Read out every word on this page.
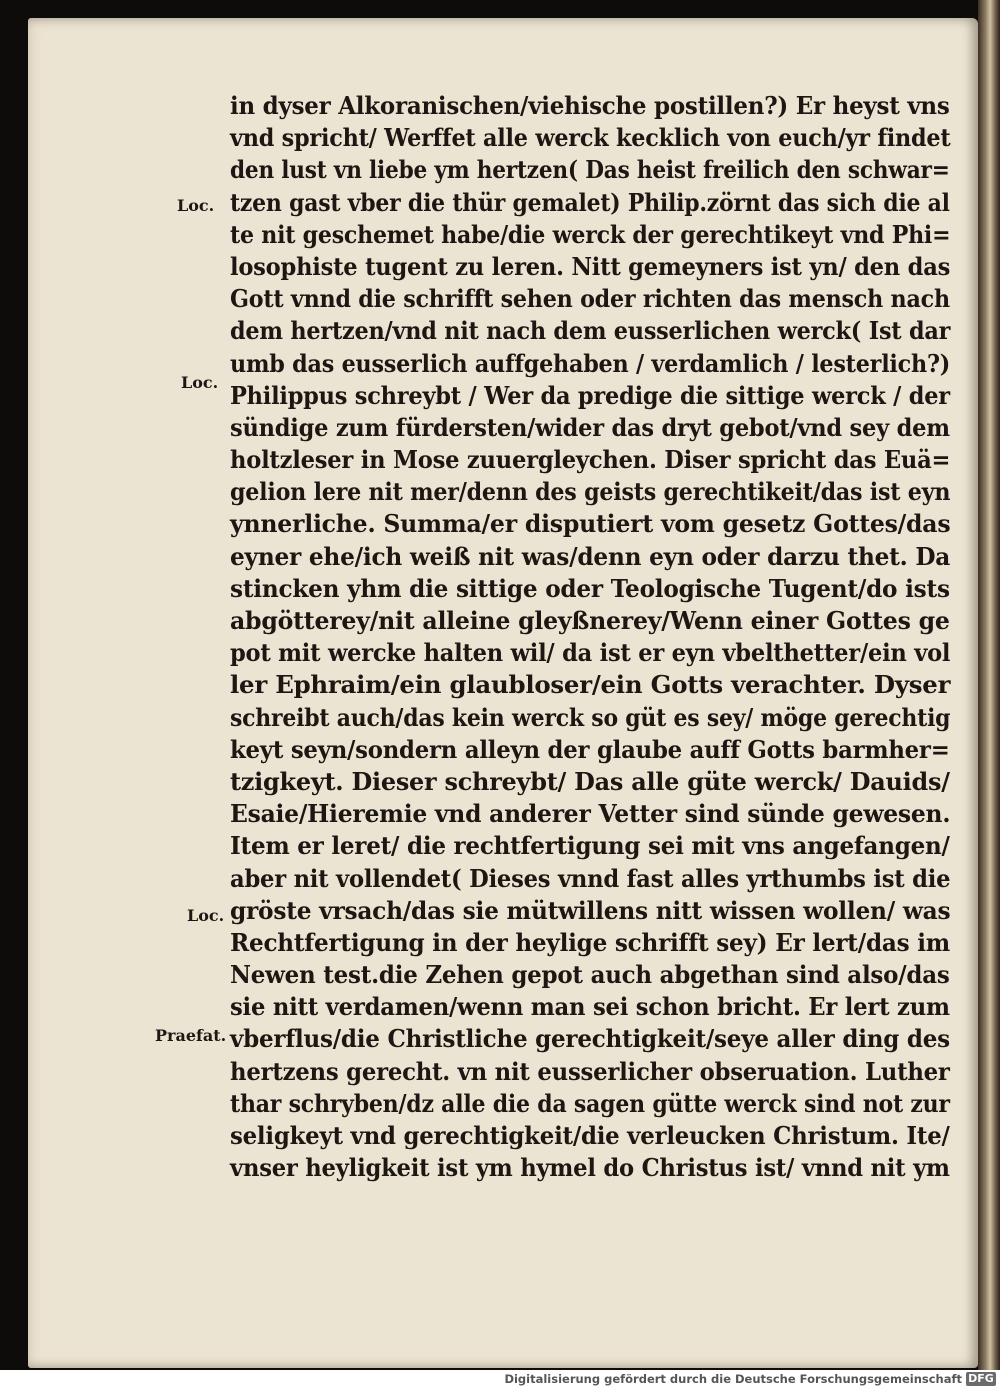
Loc.
Loc.
Loc.
Praefat.
in dyser Alkoranischen/viehische postillen?) Er heyst vns
vnd spricht/ Werffet alle werck kecklich von euch/yr findet
den lust vn liebe ym hertzen( Das heist freilich den schwar=
tzen gast vber die thür gemalet) Philip.zörnt das sich die al
te nit geschemet habe/die werck der gerechtikeyt vnd Phi=
losophiste tugent zu leren. Nitt gemeyners ist yn/ den das
Gott vnnd die schrifft sehen oder richten das mensch nach
dem hertzen/vnd nit nach dem eusserlichen werck( Ist dar
umb das eusserlich auffgehaben / verdamlich / lesterlich?)
Philippus schreybt / Wer da predige die sittige werck / der
sündige zum fürdersten/wider das dryt gebot/vnd sey dem
holtzleser in Mose zuuergleychen. Diser spricht das Euä=
gelion lere nit mer/denn des geists gerechtikeit/das ist eyn
ynnerliche. Summa/er disputiert vom gesetz Gottes/das
eyner ehe/ich weiß nit was/denn eyn oder darzu thet. Da
stincken yhm die sittige oder Teologische Tugent/do ists
abgötterey/nit alleine gleyßnerey/Wenn einer Gottes ge
pot mit wercke halten wil/ da ist er eyn vbelthetter/ein vol
ler Ephraim/ein glaubloser/ein Gotts verachter. Dyser
schreibt auch/das kein werck so güt es sey/ möge gerechtig
keyt seyn/sondern alleyn der glaube auff Gotts barmher=
tzigkeyt. Dieser schreybt/ Das alle güte werck/ Dauids/
Esaie/Hieremie vnd anderer Vetter sind sünde gewesen.
Item er leret/ die rechtfertigung sei mit vns angefangen/
aber nit vollendet( Dieses vnnd fast alles yrthumbs ist die
gröste vrsach/das sie mütwillens nitt wissen wollen/ was
Rechtfertigung in der heylige schrifft sey) Er lert/das im
Newen test.die Zehen gepot auch abgethan sind also/das
sie nitt verdamen/wenn man sei schon bricht. Er lert zum
vberflus/die Christliche gerechtigkeit/seye aller ding des
hertzens gerecht. vn nit eusserlicher obseruation. Luther
thar schryben/dz alle die da sagen gütte werck sind not zur
seligkeyt vnd gerechtigkeit/die verleucken Christum. Ite/
vnser heyligkeit ist ym hymel do Christus ist/ vnnd nit ym
Digitalisierung gefördert durch die Deutsche Forschungsgemeinschaft DFG
